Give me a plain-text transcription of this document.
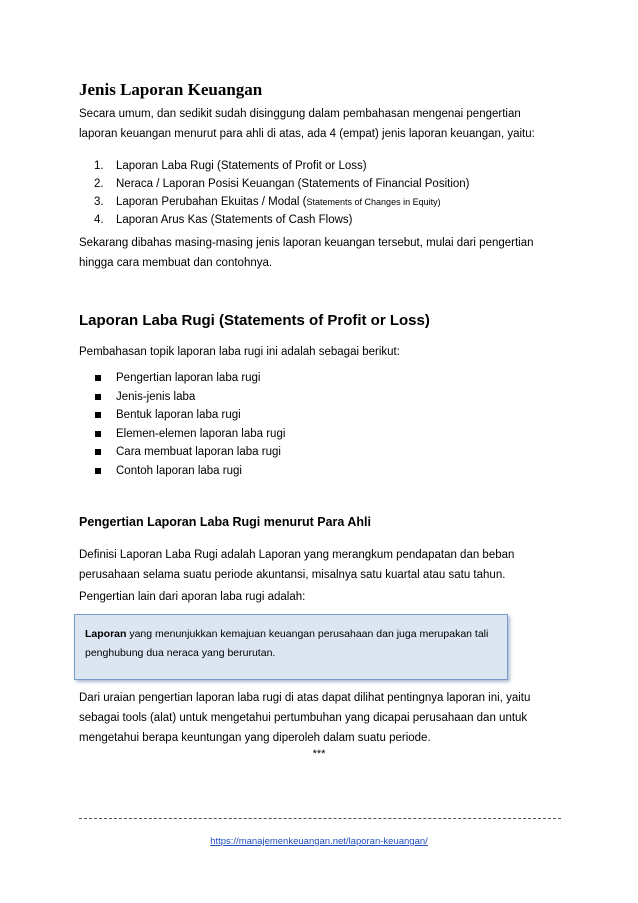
Jenis Laporan Keuangan

Secara umum, dan sedikit sudah disinggung dalam pembahasan mengenai pengertian laporan keuangan menurut para ahli di atas, ada 4 (empat) jenis laporan keuangan, yaitu:

1. Laporan Laba Rugi (Statements of Profit or Loss)
2. Neraca / Laporan Posisi Keuangan (Statements of Financial Position)
3. Laporan Perubahan Ekuitas / Modal (Statements of Changes in Equity)
4. Laporan Arus Kas (Statements of Cash Flows)

Sekarang dibahas masing-masing jenis laporan keuangan tersebut, mulai dari pengertian hingga cara membuat dan contohnya.

Laporan Laba Rugi (Statements of Profit or Loss)

Pembahasan topik laporan laba rugi ini adalah sebagai berikut:

Pengertian laporan laba rugi
Jenis-jenis laba
Bentuk laporan laba rugi
Elemen-elemen laporan laba rugi
Cara membuat laporan laba rugi
Contoh laporan laba rugi
Pengertian Laporan Laba Rugi menurut Para Ahli

Definisi Laporan Laba Rugi adalah Laporan yang merangkum pendapatan dan beban perusahaan selama suatu periode akuntansi, misalnya satu kuartal atau satu tahun.

Pengertian lain dari aporan laba rugi adalah:

Laporan yang menunjukkan kemajuan keuangan perusahaan dan juga merupakan tali penghubung dua neraca yang berurutan.

Dari uraian pengertian laporan laba rugi di atas dapat dilihat pentingnya laporan ini, yaitu sebagai tools (alat) untuk mengetahui pertumbuhan yang dicapai perusahaan dan untuk mengetahui berapa keuntungan yang diperoleh dalam suatu periode.

***
https://manajemenkeuangan.net/laporan-keuangan/
